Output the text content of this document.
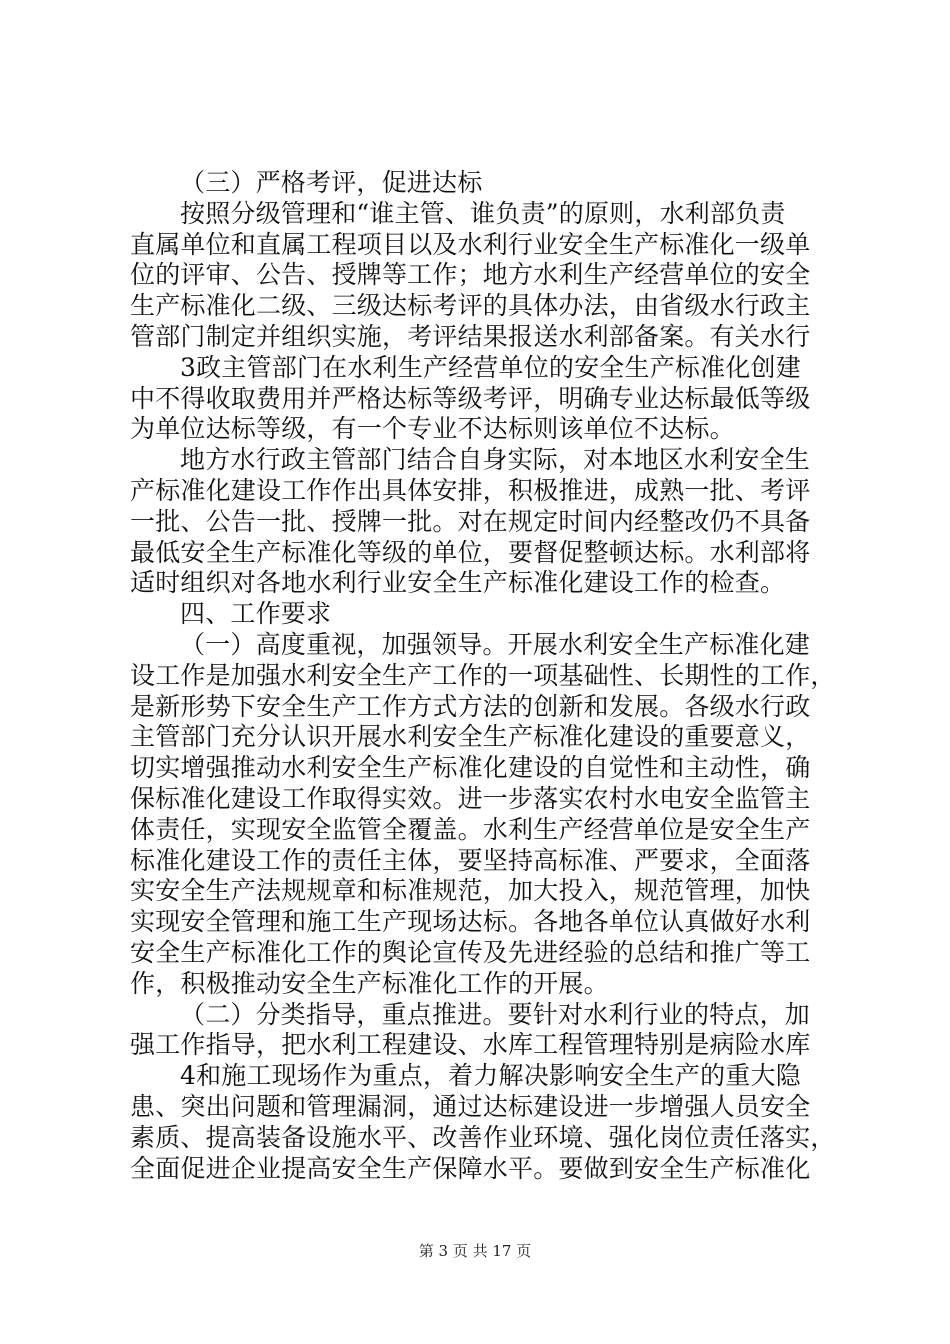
（三）严格考评，促进达标
按照分级管理和“谁主管、谁负责”的原则，水利部负责
直属单位和直属工程项目以及水利行业安全生产标准化一级单
位的评审、公告、授牌等工作；地方水利生产经营单位的安全
生产标准化二级、三级达标考评的具体办法，由省级水行政主
管部门制定并组织实施，考评结果报送水利部备案。有关水行
3政主管部门在水利生产经营单位的安全生产标准化创建
中不得收取费用并严格达标等级考评，明确专业达标最低等级
为单位达标等级，有一个专业不达标则该单位不达标。
地方水行政主管部门结合自身实际，对本地区水利安全生
产标准化建设工作作出具体安排，积极推进，成熟一批、考评
一批、公告一批、授牌一批。对在规定时间内经整改仍不具备
最低安全生产标准化等级的单位，要督促整顿达标。水利部将
适时组织对各地水利行业安全生产标准化建设工作的检查。
四、工作要求
（一）高度重视，加强领导。开展水利安全生产标准化建
设工作是加强水利安全生产工作的一项基础性、长期性的工作，
是新形势下安全生产工作方式方法的创新和发展。各级水行政
主管部门充分认识开展水利安全生产标准化建设的重要意义，
切实增强推动水利安全生产标准化建设的自觉性和主动性，确
保标准化建设工作取得实效。进一步落实农村水电安全监管主
体责任，实现安全监管全覆盖。水利生产经营单位是安全生产
标准化建设工作的责任主体，要坚持高标准、严要求，全面落
实安全生产法规规章和标准规范，加大投入，规范管理，加快
实现安全管理和施工生产现场达标。各地各单位认真做好水利
安全生产标准化工作的舆论宣传及先进经验的总结和推广等工
作，积极推动安全生产标准化工作的开展。
（二）分类指导，重点推进。要针对水利行业的特点，加
强工作指导，把水利工程建设、水库工程管理特别是病险水库
4和施工现场作为重点，着力解决影响安全生产的重大隐
患、突出问题和管理漏洞，通过达标建设进一步增强人员安全
素质、提高装备设施水平、改善作业环境、强化岗位责任落实，
全面促进企业提高安全生产保障水平。要做到安全生产标准化
第 3 页 共 17 页
